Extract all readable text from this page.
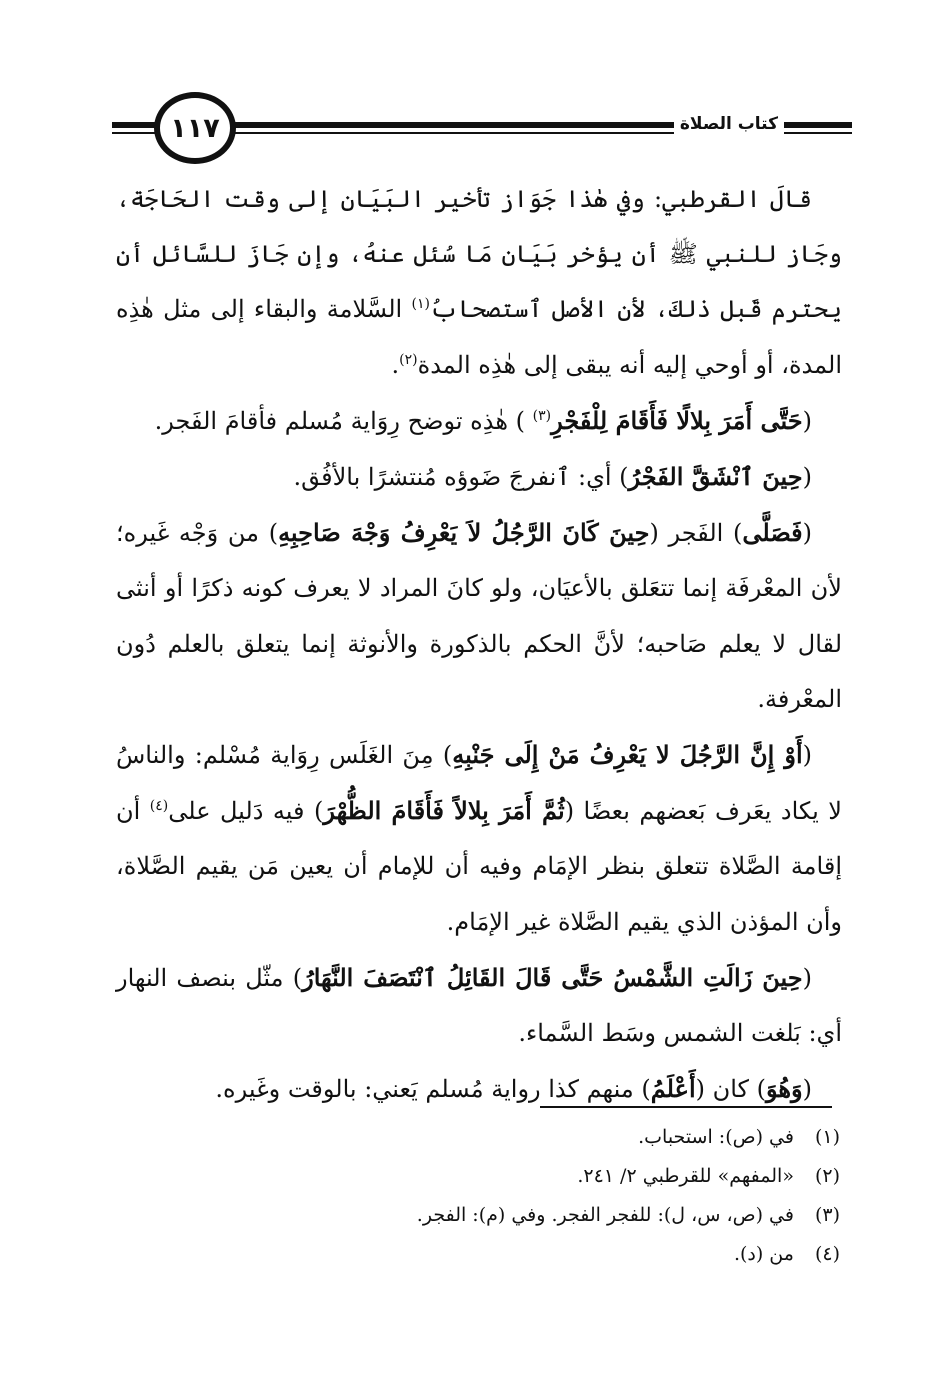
١١٧	كتاب الصلاة

قالَ القرطبي: وفي هٰذا جَوَاز تأخير البَيَان إلى وقت الحَاجَة، وجَاز للنبي ﷺ أن يؤخر بَيَان مَا سُئل عنهُ، وإن جَازَ للسَّائل أن يحترم قَبل ذلكَ، لأن الأصل ٱستصحابُ$^{(١)}$ السَّلامة والبقاء إلى مثل هٰذِه المدة، أو أوحي إليه أنه يبقى إلى هٰذِه المدة$^{(٢)}$.

(حَتَّى أَمَرَ بِلالًا فَأَقَامَ لِلْفَجْرِ$^{(٣)}$ ) هٰذِه توضح رِوَاية مُسلم فأقامَ الفَجر.

(حِينَ ٱنْشَقَّ الفَجْرُ) أي: ٱنفرجَ ضَوؤه مُنتشرًا بالأفُق.

(فَصَلَّى) الفَجر (حِينَ كَانَ الرَّجُلُ لاَ يَعْرِفُ وَجْهَ صَاحِبِهِ) من وَجْه غَيره؛ لأن المعْرفَة إنما تتعَلق بالأعيَان، ولو كانَ المراد لا يعرف كونه ذكرًا أو أنثى لقال لا يعلم صَاحبه؛ لأنَّ الحكم بالذكورة والأنوثة إنما يتعلق بالعلم دُون المعْرفة.

(أَوْ إِنَّ الرَّجُلَ لا يَعْرِفُ مَنْ إِلَى جَنْبِهِ) مِنَ الغَلَس رِوَاية مُسْلم: والناسُ لا يكاد يعَرف بَعضهم بعضًا (ثُمَّ أَمَرَ بِلالاً فَأَقَامَ الظُّهْرَ) فيه دَليل على$^{(٤)}$ أن إقامة الصَّلاة تتعلق بنظر الإمَام وفيه أن للإمام أن يعين مَن يقيم الصَّلاة، وأن المؤذن الذي يقيم الصَّلاة غير الإمَام.

(حِينَ زَالَتِ الشَّمْسُ حَتَّى قَالَ القَائِلُ ٱنْتَصَفَ النَّهَارُ) مثّل بنصف النهار أي: بَلغت الشمس وسَط السَّماء.

(وَهُوَ) كان (أَعْلَمُ) منهم كذا رواية مُسلم يَعني: بالوقت وغَيره.

(١) في (ص): استحباب.
(٢) «المفهم» للقرطبي ٢/ ٢٤١.
(٣) في (ص، س، ل): للفجر الفجر. وفي (م): الفجر.
(٤) من (د).
